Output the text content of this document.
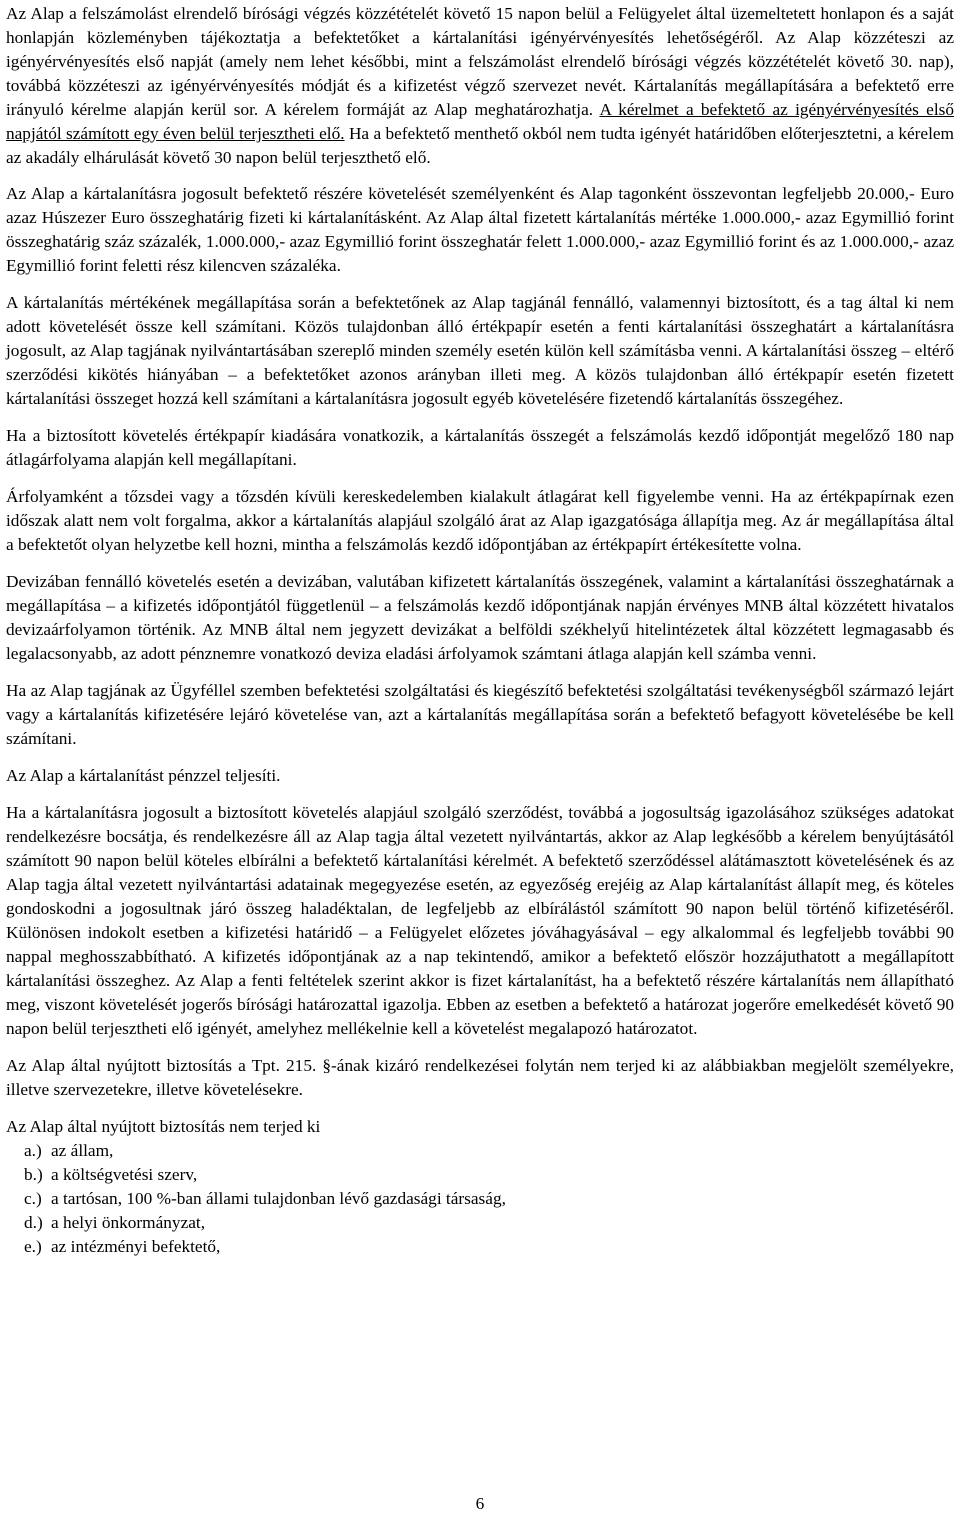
Az Alap a felszámolást elrendelő bírósági végzés közzétételét követő 15 napon belül a Felügyelet által üzemeltetett honlapon és a saját honlapján közleményben tájékoztatja a befektetőket a kártalanítási igényérvényesítés lehetőségéről. Az Alap közzéteszi az igényérvényesítés első napját (amely nem lehet későbbi, mint a felszámolást elrendelő bírósági végzés közzétételét követő 30. nap), továbbá közzéteszi az igényérvényesítés módját és a kifizetést végző szervezet nevét. Kártalanítás megállapítására a befektető erre irányuló kérelme alapján kerül sor. A kérelem formáját az Alap meghatározhatja. A kérelmet a befektető az igényérvényesítés első napjától számított egy éven belül terjesztheti elő. Ha a befektető menthető okból nem tudta igényét határidőben előterjesztetni, a kérelem az akadály elhárulását követő 30 napon belül terjeszthető elő.

Az Alap a kártalanításra jogosult befektető részére követelését személyenként és Alap tagonként összevontan legfeljebb 20.000,- Euro azaz Húszezer Euro összeghatárig fizeti ki kártalanításként. Az Alap által fizetett kártalanítás mértéke 1.000.000,- azaz Egymillió forint összeghatárig száz százalék, 1.000.000,- azaz Egymillió forint összeghatár felett 1.000.000,- azaz Egymillió forint és az 1.000.000,- azaz Egymillió forint feletti rész kilencven százaléka.

A kártalanítás mértékének megállapítása során a befektetőnek az Alap tagjánál fennálló, valamennyi biztosított, és a tag által ki nem adott követelését össze kell számítani. Közös tulajdonban álló értékpapír esetén a fenti kártalanítási összeghatárt a kártalanításra jogosult, az Alap tagjának nyilvántartásában szereplő minden személy esetén külön kell számításba venni. A kártalanítási összeg – eltérő szerződési kikötés hiányában – a befektetőket azonos arányban illeti meg. A közös tulajdonban álló értékpapír esetén fizetett kártalanítási összeget hozzá kell számítani a kártalanításra jogosult egyéb követelésére fizetendő kártalanítás összegéhez.

Ha a biztosított követelés értékpapír kiadására vonatkozik, a kártalanítás összegét a felszámolás kezdő időpontját megelőző 180 nap átlagárfolyama alapján kell megállapítani.

Árfolyamként a tőzsdei vagy a tőzsdén kívüli kereskedelemben kialakult átlagárat kell figyelembe venni. Ha az értékpapírnak ezen időszak alatt nem volt forgalma, akkor a kártalanítás alapjául szolgáló árat az Alap igazgatósága állapítja meg. Az ár megállapítása által a befektetőt olyan helyzetbe kell hozni, mintha a felszámolás kezdő időpontjában az értékpapírt értékesítette volna.

Devizában fennálló követelés esetén a devizában, valutában kifizetett kártalanítás összegének, valamint a kártalanítási összeghatárnak a megállapítása – a kifizetés időpontjától függetlenül – a felszámolás kezdő időpontjának napján érvényes MNB által közzétett hivatalos devizaárfolyamon történik. Az MNB által nem jegyzett devizákat a belföldi székhelyű hitelintézetek által közzétett legmagasabb és legalacsonyabb, az adott pénznemre vonatkozó deviza eladási árfolyamok számtani átlaga alapján kell számba venni.

Ha az Alap tagjának az Ügyféllel szemben befektetési szolgáltatási és kiegészítő befektetési szolgáltatási tevékenységből származó lejárt vagy a kártalanítás kifizetésére lejáró követelése van, azt a kártalanítás megállapítása során a befektető befagyott követelésébe be kell számítani.

Az Alap a kártalanítást pénzzel teljesíti.

Ha a kártalanításra jogosult a biztosított követelés alapjául szolgáló szerződést, továbbá a jogosultság igazolásához szükséges adatokat rendelkezésre bocsátja, és rendelkezésre áll az Alap tagja által vezetett nyilvántartás, akkor az Alap legkésőbb a kérelem benyújtásától számított 90 napon belül köteles elbírálni a befektető kártalanítási kérelmét. A befektető szerződéssel alátámasztott követelésének és az Alap tagja által vezetett nyilvántartási adatainak megegyezése esetén, az egyezőség erejéig az Alap kártalanítást állapít meg, és köteles gondoskodni a jogosultnak járó összeg haladéktalan, de legfeljebb az elbírálástól számított 90 napon belül történő kifizetéséről. Különösen indokolt esetben a kifizetési határidő – a Felügyelet előzetes jóváhagyásával – egy alkalommal és legfeljebb további 90 nappal meghosszabbítható. A kifizetés időpontjának az a nap tekintendő, amikor a befektető először hozzájuthatott a megállapított kártalanítási összeghez. Az Alap a fenti feltételek szerint akkor is fizet kártalanítást, ha a befektető részére kártalanítás nem állapítható meg, viszont követelését jogerős bírósági határozattal igazolja. Ebben az esetben a befektető a határozat jogerőre emelkedését követő 90 napon belül terjesztheti elő igényét, amelyhez mellékelnie kell a követelést megalapozó határozatot.

Az Alap által nyújtott biztosítás a Tpt. 215. §-ának kizáró rendelkezései folytán nem terjed ki az alábbiakban megjelölt személyekre, illetve szervezetekre, illetve követelésekre.

Az Alap által nyújtott biztosítás nem terjed ki
a.) az állam,
b.) a költségvetési szerv,
c.) a tartósan, 100 %-ban állami tulajdonban lévő gazdasági társaság,
d.) a helyi önkormányzat,
e.) az intézményi befektető,
6
